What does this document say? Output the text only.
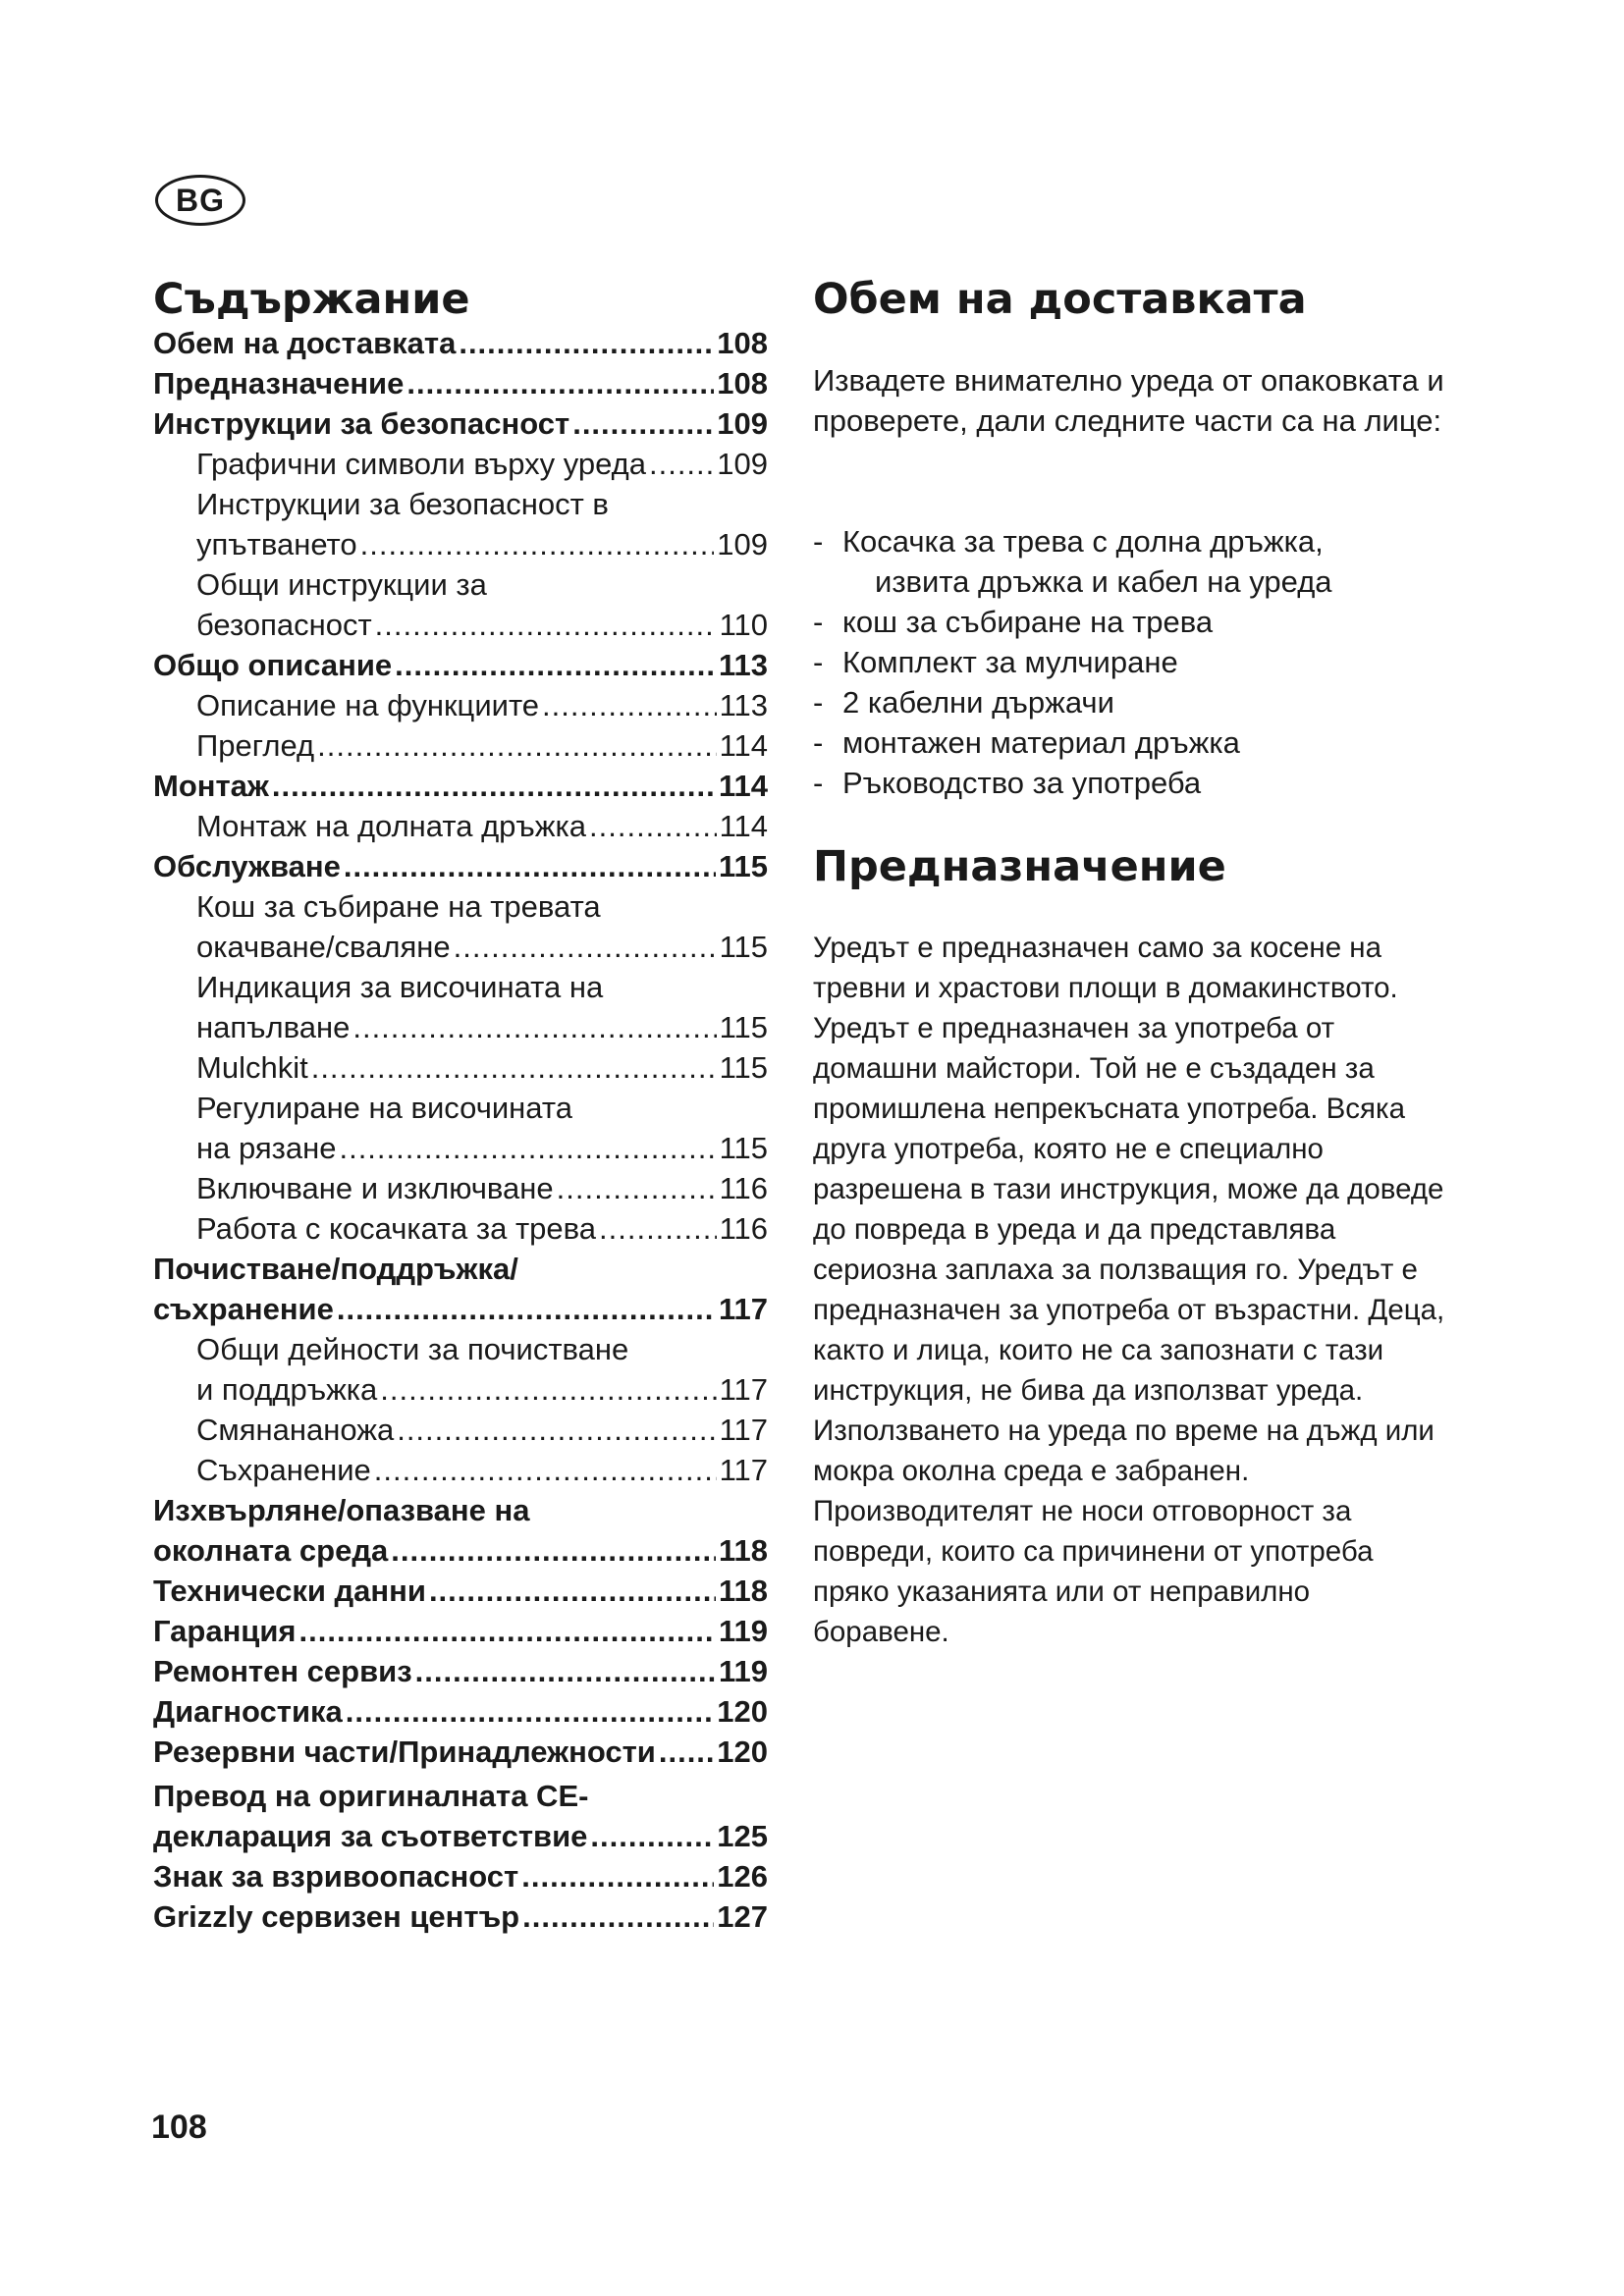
BG
Съдържание
Обем на доставката .....	108
Предназначение .....	108
Инструкции за безопасност .....	109
Графични символи върху уреда ..... 109
Инструкции за безопасност в
упътването .....	109
Общи инструкции за
безопасност .....	110
Общо описание .....	113
Описание на функциите .....	113
Преглед .....	114
Монтаж .....	114
Монтаж на долната дръжка .....	114
Обслужване .....	115
Кош за събиране на тревата
окачване/сваляне .....	115
Индикация за височината на
напълване .....	115
Mulchkit .....	115
Регулиране на височината
на рязане .....	115
Включване и изключване .....	116
Работа с косачката за трева .....	116
Почистване/поддръжка/
съхранение .....	117
Общи дейности за почистване
и поддръжка .....	117
Смянананожа .....	117
Съхранение .....	117
Изхвърляне/опазване на
околната среда .....	118
Технически данни .....	118
Гаранция .....	119
Ремонтен сервиз .....	119
Диагностика .....	120
Резервни части/Принадлежности ..... 120
Превод на оригиналната CE-
декларация за съответствие .....	125
Знак за взривоопасност .....	126
Grizzly сервизен център .....	127
Обем на доставката

Извадете внимателно уреда от опаковката и проверете, дали следните части са на лице:

- Косачка за трева с долна дръжка,
извита дръжка и кабел на уреда
- кош за събиране на трева
- Комплект за мулчиране
- 2 кабелни държачи
- монтажен материал дръжка
- Ръководство за употреба
Предназначение

Уредът е предназначен само за косене на тревни и храстови площи в домакинството. Уредът е предназначен за употреба от домашни майстори. Той не е създаден за промишлена непрекъсната употреба. Всяка друга употреба, която не е специално разрешена в тази инструкция, може да доведе до повреда в уреда и да представлява сериозна заплаха за ползващия го. Уредът е предназначен за употреба от възрастни. Деца, както и лица, които не са запознати с тази инструкция, не бива да използват уреда. Използването на уреда по време на дъжд или мокра околна среда е забранен. Производителят не носи отговорност за повреди, които са причинени от употреба пряко указанията или от неправилно боравене.

108
